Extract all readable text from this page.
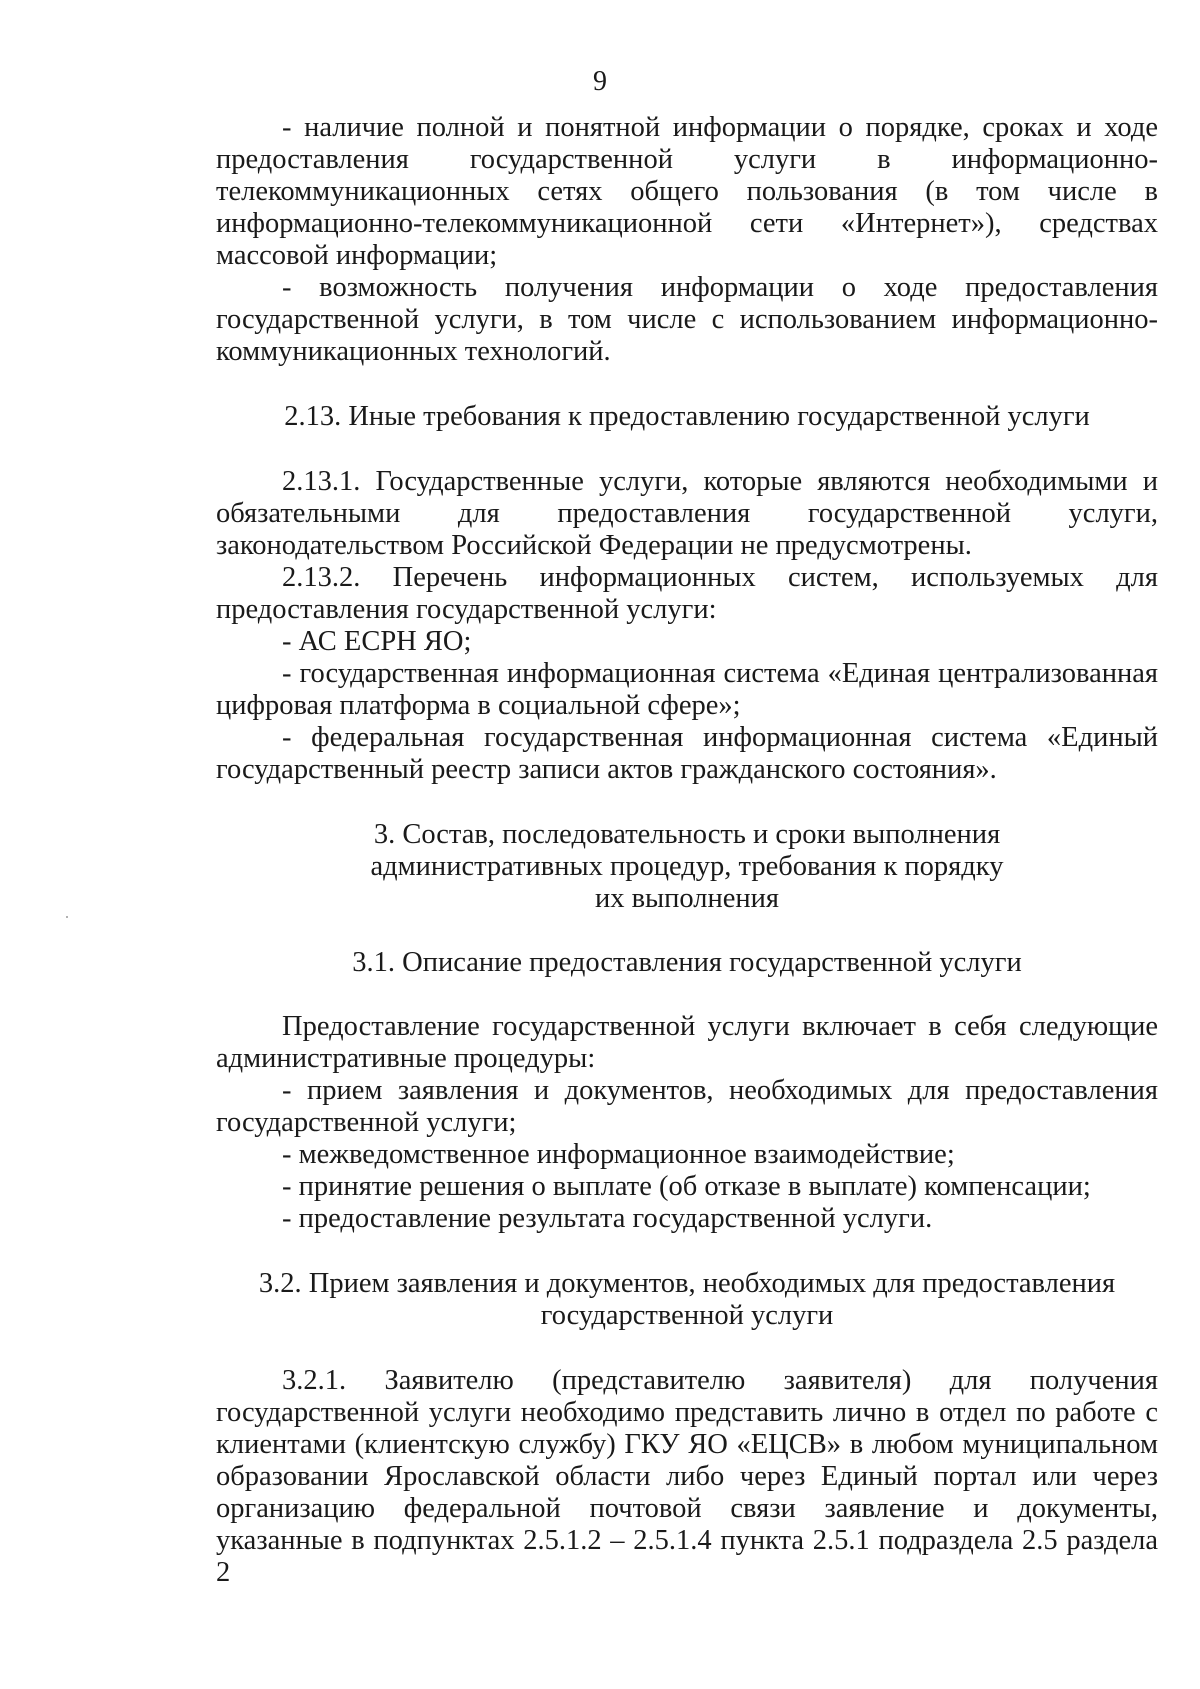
9

- наличие полной и понятной информации о порядке, сроках и ходе предоставления государственной услуги в информационно-телекоммуникационных сетях общего пользования (в том числе в информационно-телекоммуникационной сети «Интернет»), средствах массовой информации;

- возможность получения информации о ходе предоставления государственной услуги, в том числе с использованием информационно-коммуникационных технологий.

2.13. Иные требования к предоставлению государственной услуги

2.13.1. Государственные услуги, которые являются необходимыми и обязательными для предоставления государственной услуги, законодательством Российской Федерации не предусмотрены.

2.13.2. Перечень информационных систем, используемых для предоставления государственной услуги:

- АС ЕСРН ЯО;

- государственная информационная система «Единая централизованная цифровая платформа в социальной сфере»;

- федеральная государственная информационная система «Единый государственный реестр записи актов гражданского состояния».

3. Состав, последовательность и сроки выполнения

административных процедур, требования к порядку

их выполнения

3.1. Описание предоставления государственной услуги

Предоставление государственной услуги включает в себя следующие административные процедуры:

- прием заявления и документов, необходимых для предоставления государственной услуги;

- межведомственное информационное взаимодействие;

- принятие решения о выплате (об отказе в выплате) компенсации;

- предоставление результата государственной услуги.

3.2. Прием заявления и документов, необходимых для предоставления

государственной услуги

3.2.1. Заявителю (представителю заявителя) для получения государственной услуги необходимо представить лично в отдел по работе с клиентами (клиентскую службу) ГКУ ЯО «ЕЦСВ» в любом муниципальном образовании Ярославской области либо через Единый портал или через организацию федеральной почтовой связи заявление и документы, указанные в подпунктах 2.5.1.2 – 2.5.1.4 пункта 2.5.1 подраздела 2.5 раздела 2
